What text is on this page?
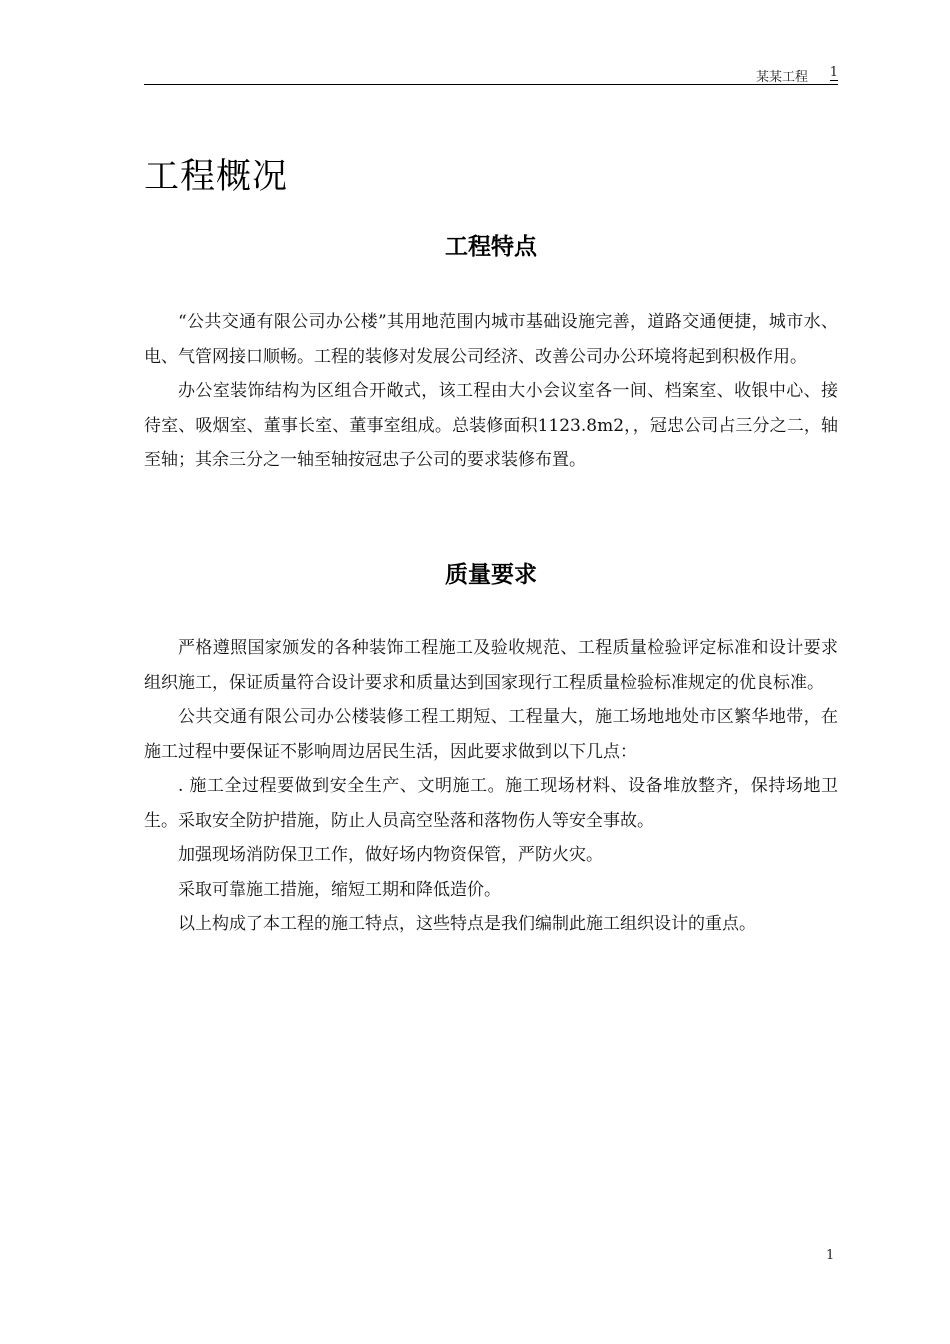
某某工程 1
工程概况
工程特点

“公共交通有限公司办公楼”其用地范围内城市基础设施完善，道路交通便捷，城市水、电、气管网接口顺畅。工程的装修对发展公司经济、改善公司办公环境将起到积极作用。

办公室装饰结构为区组合开敞式，该工程由大小会议室各一间、档案室、收银中心、接待室、吸烟室、董事长室、董事室组成。总装修面积1123.8m2，，冠忠公司占三分之二，轴至轴；其余三分之一轴至轴按冠忠子公司的要求装修布置。

质量要求

严格遵照国家颁发的各种装饰工程施工及验收规范、工程质量检验评定标准和设计要求组织施工，保证质量符合设计要求和质量达到国家现行工程质量检验标准规定的优良标准。

公共交通有限公司办公楼装修工程工期短、工程量大，施工场地地处市区繁华地带，在施工过程中要保证不影响周边居民生活，因此要求做到以下几点：

. 施工全过程要做到安全生产、文明施工。施工现场材料、设备堆放整齐，保持场地卫生。采取安全防护措施，防止人员高空坠落和落物伤人等安全事故。

加强现场消防保卫工作，做好场内物资保管，严防火灾。

采取可靠施工措施，缩短工期和降低造价。

以上构成了本工程的施工特点，这些特点是我们编制此施工组织设计的重点。

1
